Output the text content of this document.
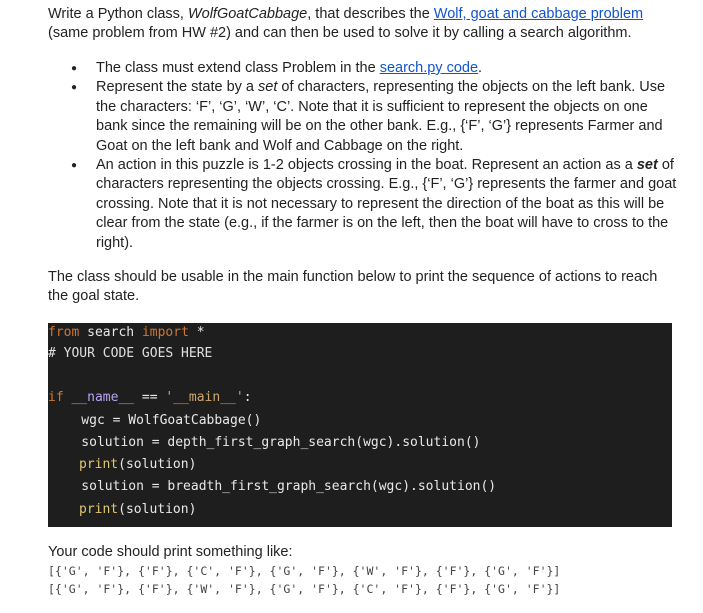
Write a Python class, WolfGoatCabbage, that describes the Wolf, goat and cabbage problem (same problem from HW #2) and can then be used to solve it by calling a search algorithm.
● The class must extend class Problem in the search.py code.
● Represent the state by a set of characters, representing the objects on the left bank. Use the characters: ‘F’, ‘G’, ‘W’, ‘C’. Note that it is sufficient to represent the objects on one bank since the remaining will be on the other bank. E.g., {‘F’, ‘G’} represents Farmer and Goat on the left bank and Wolf and Cabbage on the right.
● An action in this puzzle is 1-2 objects crossing in the boat. Represent an action as a set of characters representing the objects crossing. E.g., {‘F’, ‘G’} represents the farmer and goat crossing. Note that it is not necessary to represent the direction of the boat as this will be clear from the state (e.g., if the farmer is on the left, then the boat will have to cross to the right).
The class should be usable in the main function below to print the sequence of actions to reach the goal state.
from search import *
# YOUR CODE GOES HERE
if __name__ == '__main__':
wgc = WolfGoatCabbage()
solution = depth_first_graph_search(wgc).solution()
print(solution)
solution = breadth_first_graph_search(wgc).solution()
print(solution)
Your code should print something like:
[{'G', 'F'}, {'F'}, {'C', 'F'}, {'G', 'F'}, {'W', 'F'}, {'F'}, {'G', 'F'}]
[{'G', 'F'}, {'F'}, {'W', 'F'}, {'G', 'F'}, {'C', 'F'}, {'F'}, {'G', 'F'}]
